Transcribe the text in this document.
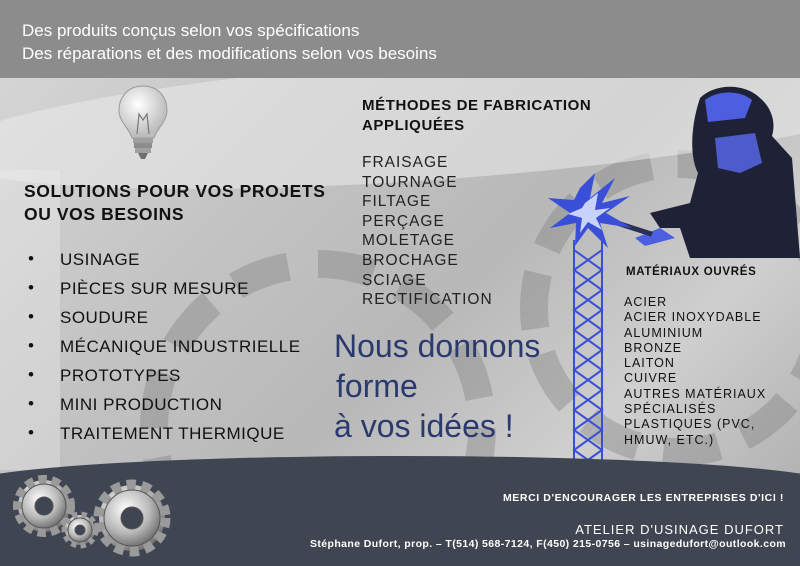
Des produits conçus selon vos spécifications
Des réparations et des modifications selon vos besoins
SOLUTIONS POUR VOS PROJETS OU VOS BESOINS
• USINAGE
• PIÈCES SUR MESURE
• SOUDURE
• MÉCANIQUE INDUSTRIELLE
• PROTOTYPES
• MINI PRODUCTION
• TRAITEMENT THERMIQUE
MÉTHODES DE FABRICATION APPLIQUÉES
FRAISAGE
TOURNAGE
FILTAGE
PERÇAGE
MOLETAGE
BROCHAGE
SCIAGE
RECTIFICATION
Nous donnons
forme
à vos idées !
MATÉRIAUX OUVRÉS
ACIER
ACIER INOXYDABLE
ALUMINIUM
BRONZE
LAITON
CUIVRE
AUTRES MATÉRIAUX
SPÉCIALISÉS
PLASTIQUES (PVC,
HMUW, ETC.)
MERCI D'ENCOURAGER LES ENTREPRISES D'ICI !
ATELIER D'USINAGE DUFORT
Stéphane Dufort, prop. – T(514) 568-7124, F(450) 215-0756 – usinagedufort@outlook.com
